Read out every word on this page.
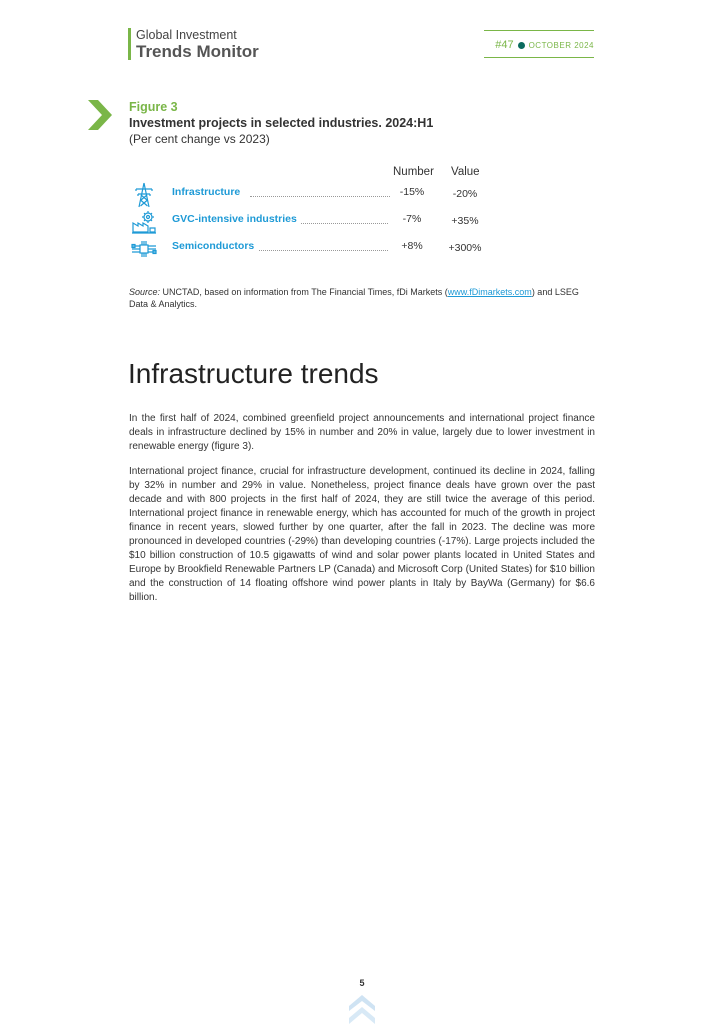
Global Investment
Trends Monitor	#47 OCTOBER 2024
Figure 3
Investment projects in selected industries. 2024:H1
(Per cent change vs 2023)
Number Value
Infrastructure	-15%	-20%
GVC-intensive industries	-7%	+35%
Semiconductors	+8%	+300%
Source: UNCTAD, based on information from The Financial Times, fDi Markets (www.fDimarkets.com) and LSEG Data & Analytics.
Infrastructure trends
In the first half of 2024, combined greenfield project announcements and international project finance deals in infrastructure declined by 15% in number and 20% in value, largely due to lower investment in renewable energy (figure 3).
International project finance, crucial for infrastructure development, continued its decline in 2024, falling by 32% in number and 29% in value. Nonetheless, project finance deals have grown over the past decade and with 800 projects in the first half of 2024, they are still twice the average of this period. International project finance in renewable energy, which has accounted for much of the growth in project finance in recent years, slowed further by one quarter, after the fall in 2023. The decline was more pronounced in developed countries (-29%) than developing countries (-17%). Large projects included the $10 billion construction of 10.5 gigawatts of wind and solar power plants located in United States and Europe by Brookfield Renewable Partners LP (Canada) and Microsoft Corp (United States) for $10 billion and the construction of 14 floating offshore wind power plants in Italy by BayWa (Germany) for $6.6 billion.
5
